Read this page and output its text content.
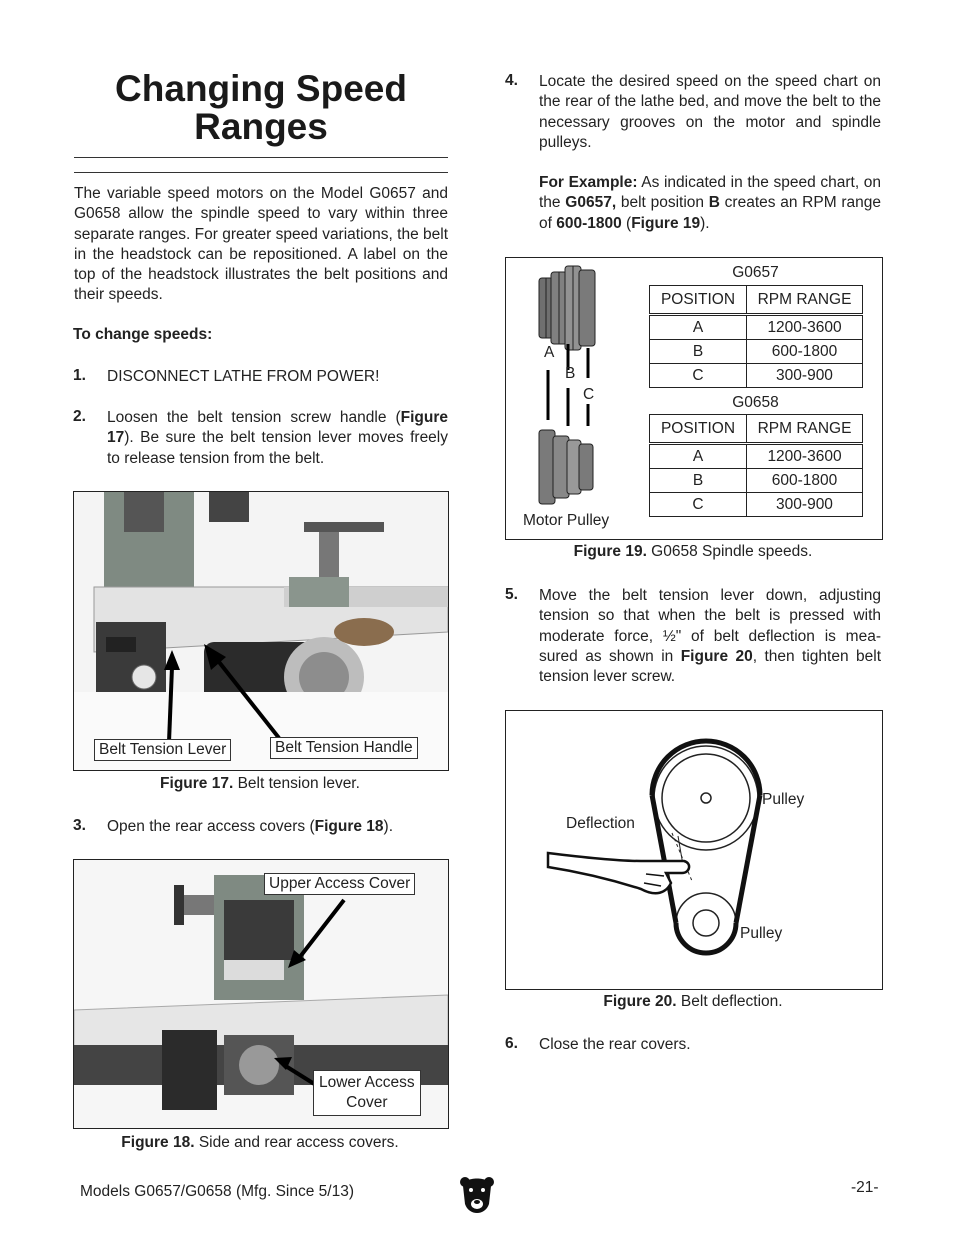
Changing Speed
Ranges
The variable speed motors on the Model G0657 and G0658 allow the spindle speed to vary within three separate ranges. For greater speed variations, the belt in the headstock can be repositioned. A label on the top of the headstock illustrates the belt positions and their speeds.
To change speeds:
1. DISCONNECT LATHE FROM POWER!
2. Loosen the belt tension screw handle (Figure 17). Be sure the belt tension lever moves freely to release tension from the belt.
Belt Tension Lever	Belt Tension Handle
Figure 17. Belt tension lever.
3. Open the rear access covers (Figure 18).
Upper Access Cover
Lower Access
Cover
Figure 18. Side and rear access covers.
4. Locate the desired speed on the speed chart on the rear of the lathe bed, and move the belt to the necessary grooves on the motor and spindle pulleys.
For Example: As indicated in the speed chart, on the G0657, belt position B creates an RPM range of 600-1800 (Figure 19).
A
B
C
Motor Pulley
G0657
POSITION	RPM RANGE

A	1200-3600
B	600-1800
C	300-900
G0658
POSITION	RPM RANGE

A	1200-3600
B	600-1800
C	300-900
Figure 19. G0658 Spindle speeds.
5. Move the belt tension lever down, adjusting tension so that when the belt is pressed with moderate force, ½" of belt deflection is mea-sured as shown in Figure 20, then tighten belt tension lever screw.
Deflection
Pulley
Pulley
Figure 20. Belt deflection.
6. Close the rear covers.
Models G0657/G0658 (Mfg. Since 5/13)	-21-
